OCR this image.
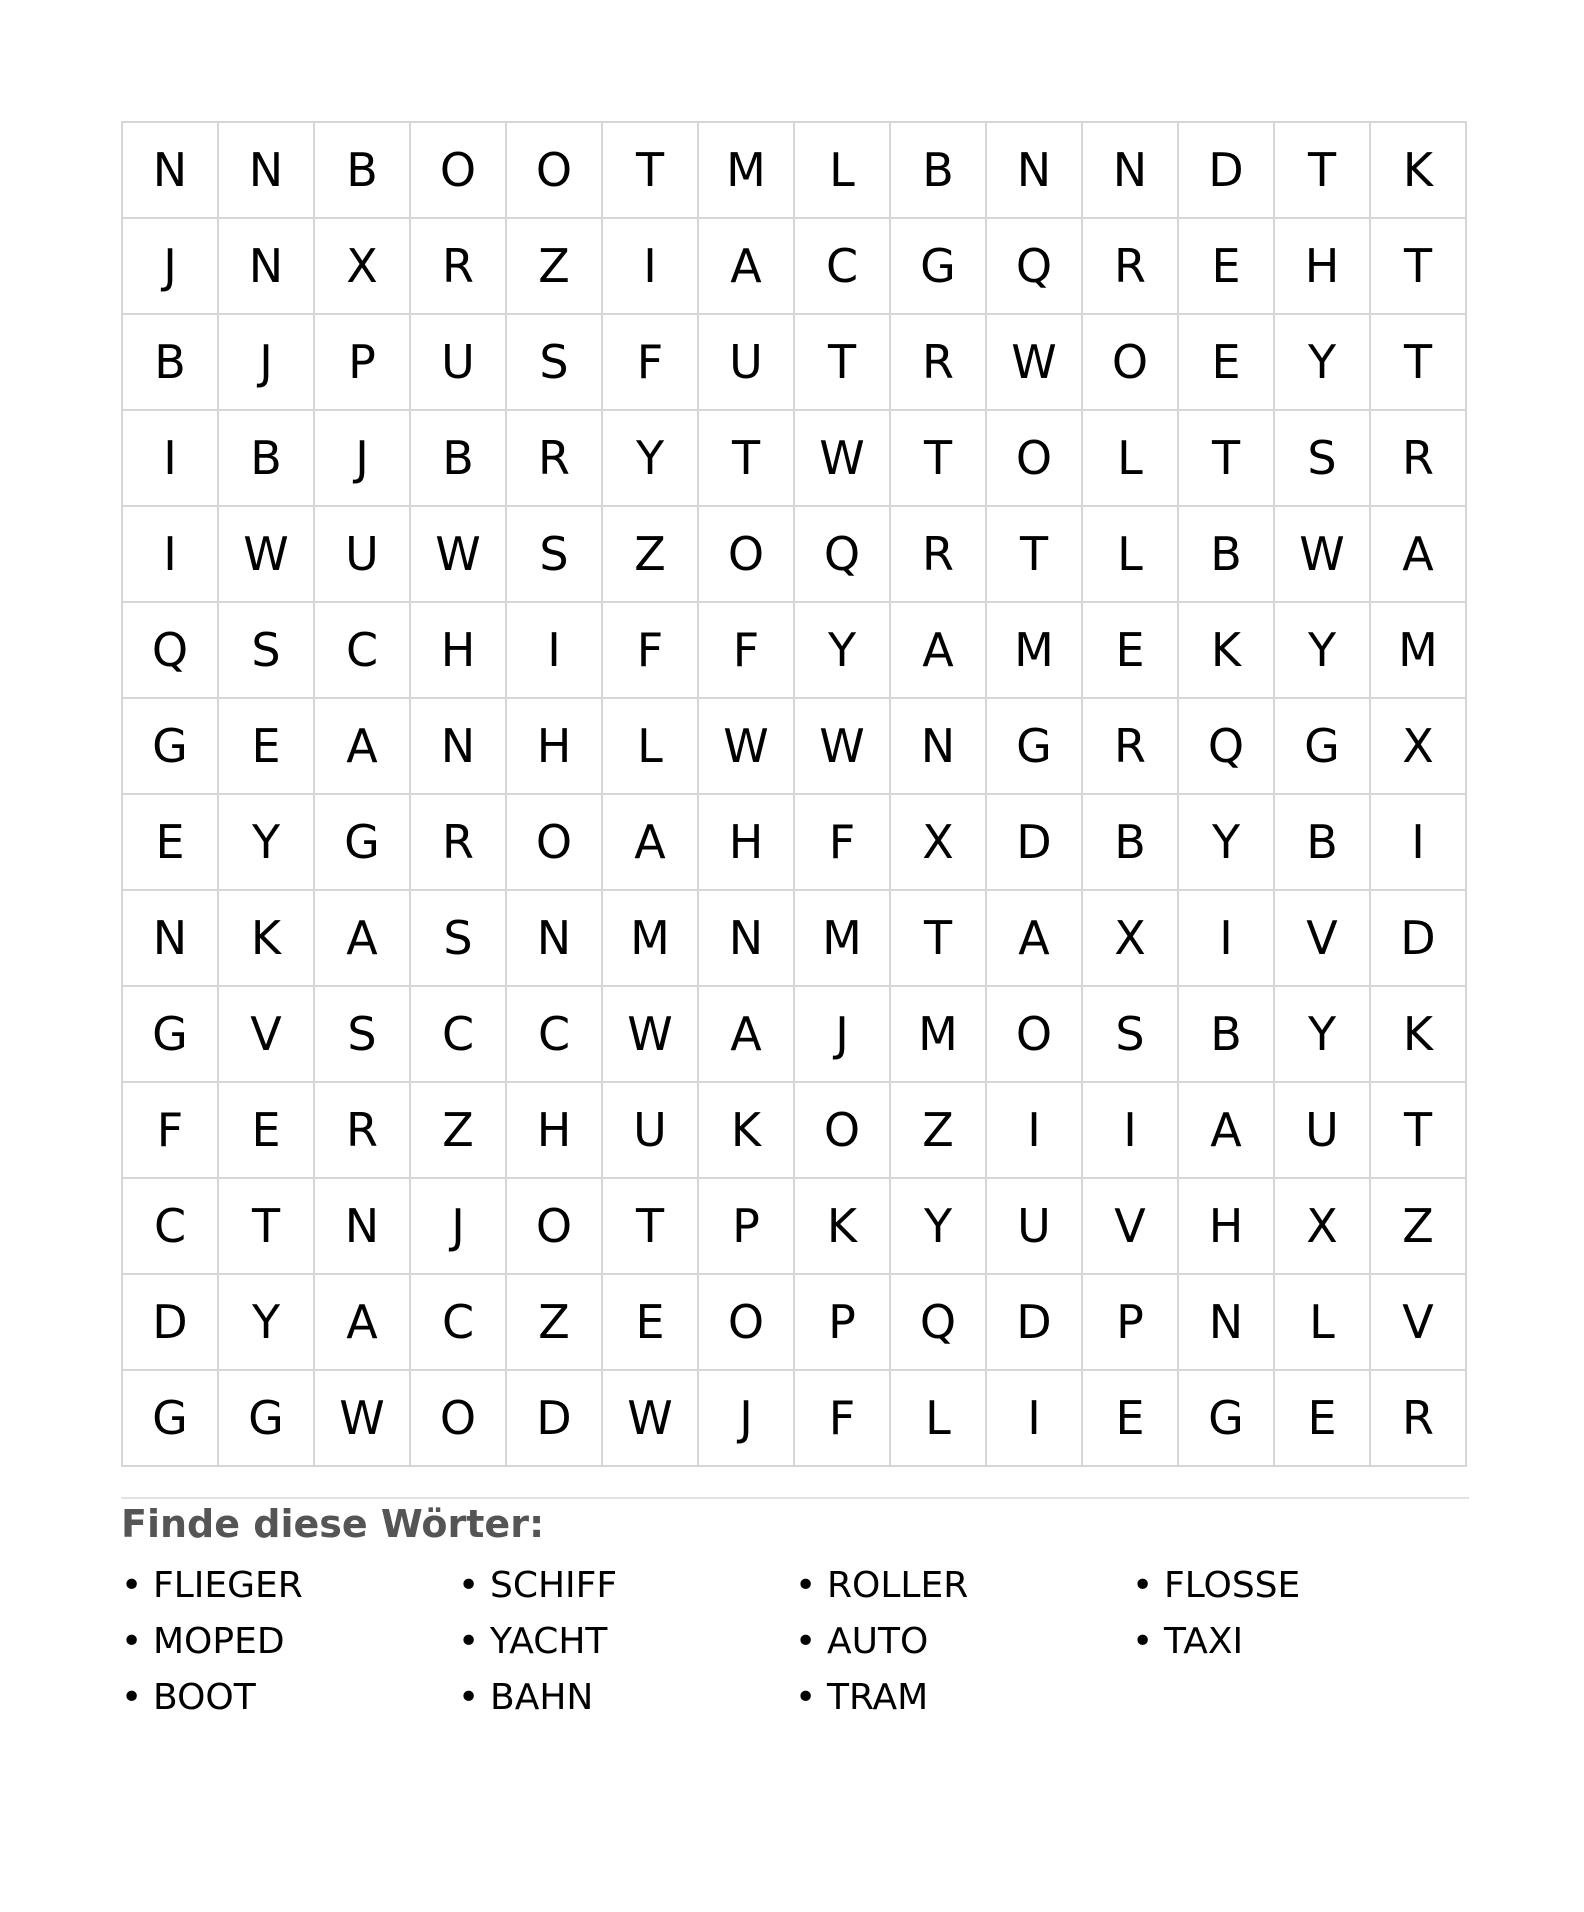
N	N	B	O	O	T	M	L	B	N	N	D	T	K
J	N	X	R	Z	I	A	C	G	Q	R	E	H	T
B	J	P	U	S	F	U	T	R	W	O	E	Y	T
I	B	J	B	R	Y	T	W	T	O	L	T	S	R
I	W	U	W	S	Z	O	Q	R	T	L	B	W	A
Q	S	C	H	I	F	F	Y	A	M	E	K	Y	M
G	E	A	N	H	L	W	W	N	G	R	Q	G	X
E	Y	G	R	O	A	H	F	X	D	B	Y	B	I
N	K	A	S	N	M	N	M	T	A	X	I	V	D
G	V	S	C	C	W	A	J	M	O	S	B	Y	K
F	E	R	Z	H	U	K	O	Z	I	I	A	U	T
C	T	N	J	O	T	P	K	Y	U	V	H	X	Z
D	Y	A	C	Z	E	O	P	Q	D	P	N	L	V
G	G	W	O	D	W	J	F	L	I	E	G	E	R
Finde diese Wörter:
• FLIEGER	• SCHIFF	• ROLLER	• FLOSSE
• MOPED	• YACHT	• AUTO	• TAXI
• BOOT	• BAHN	• TRAM
